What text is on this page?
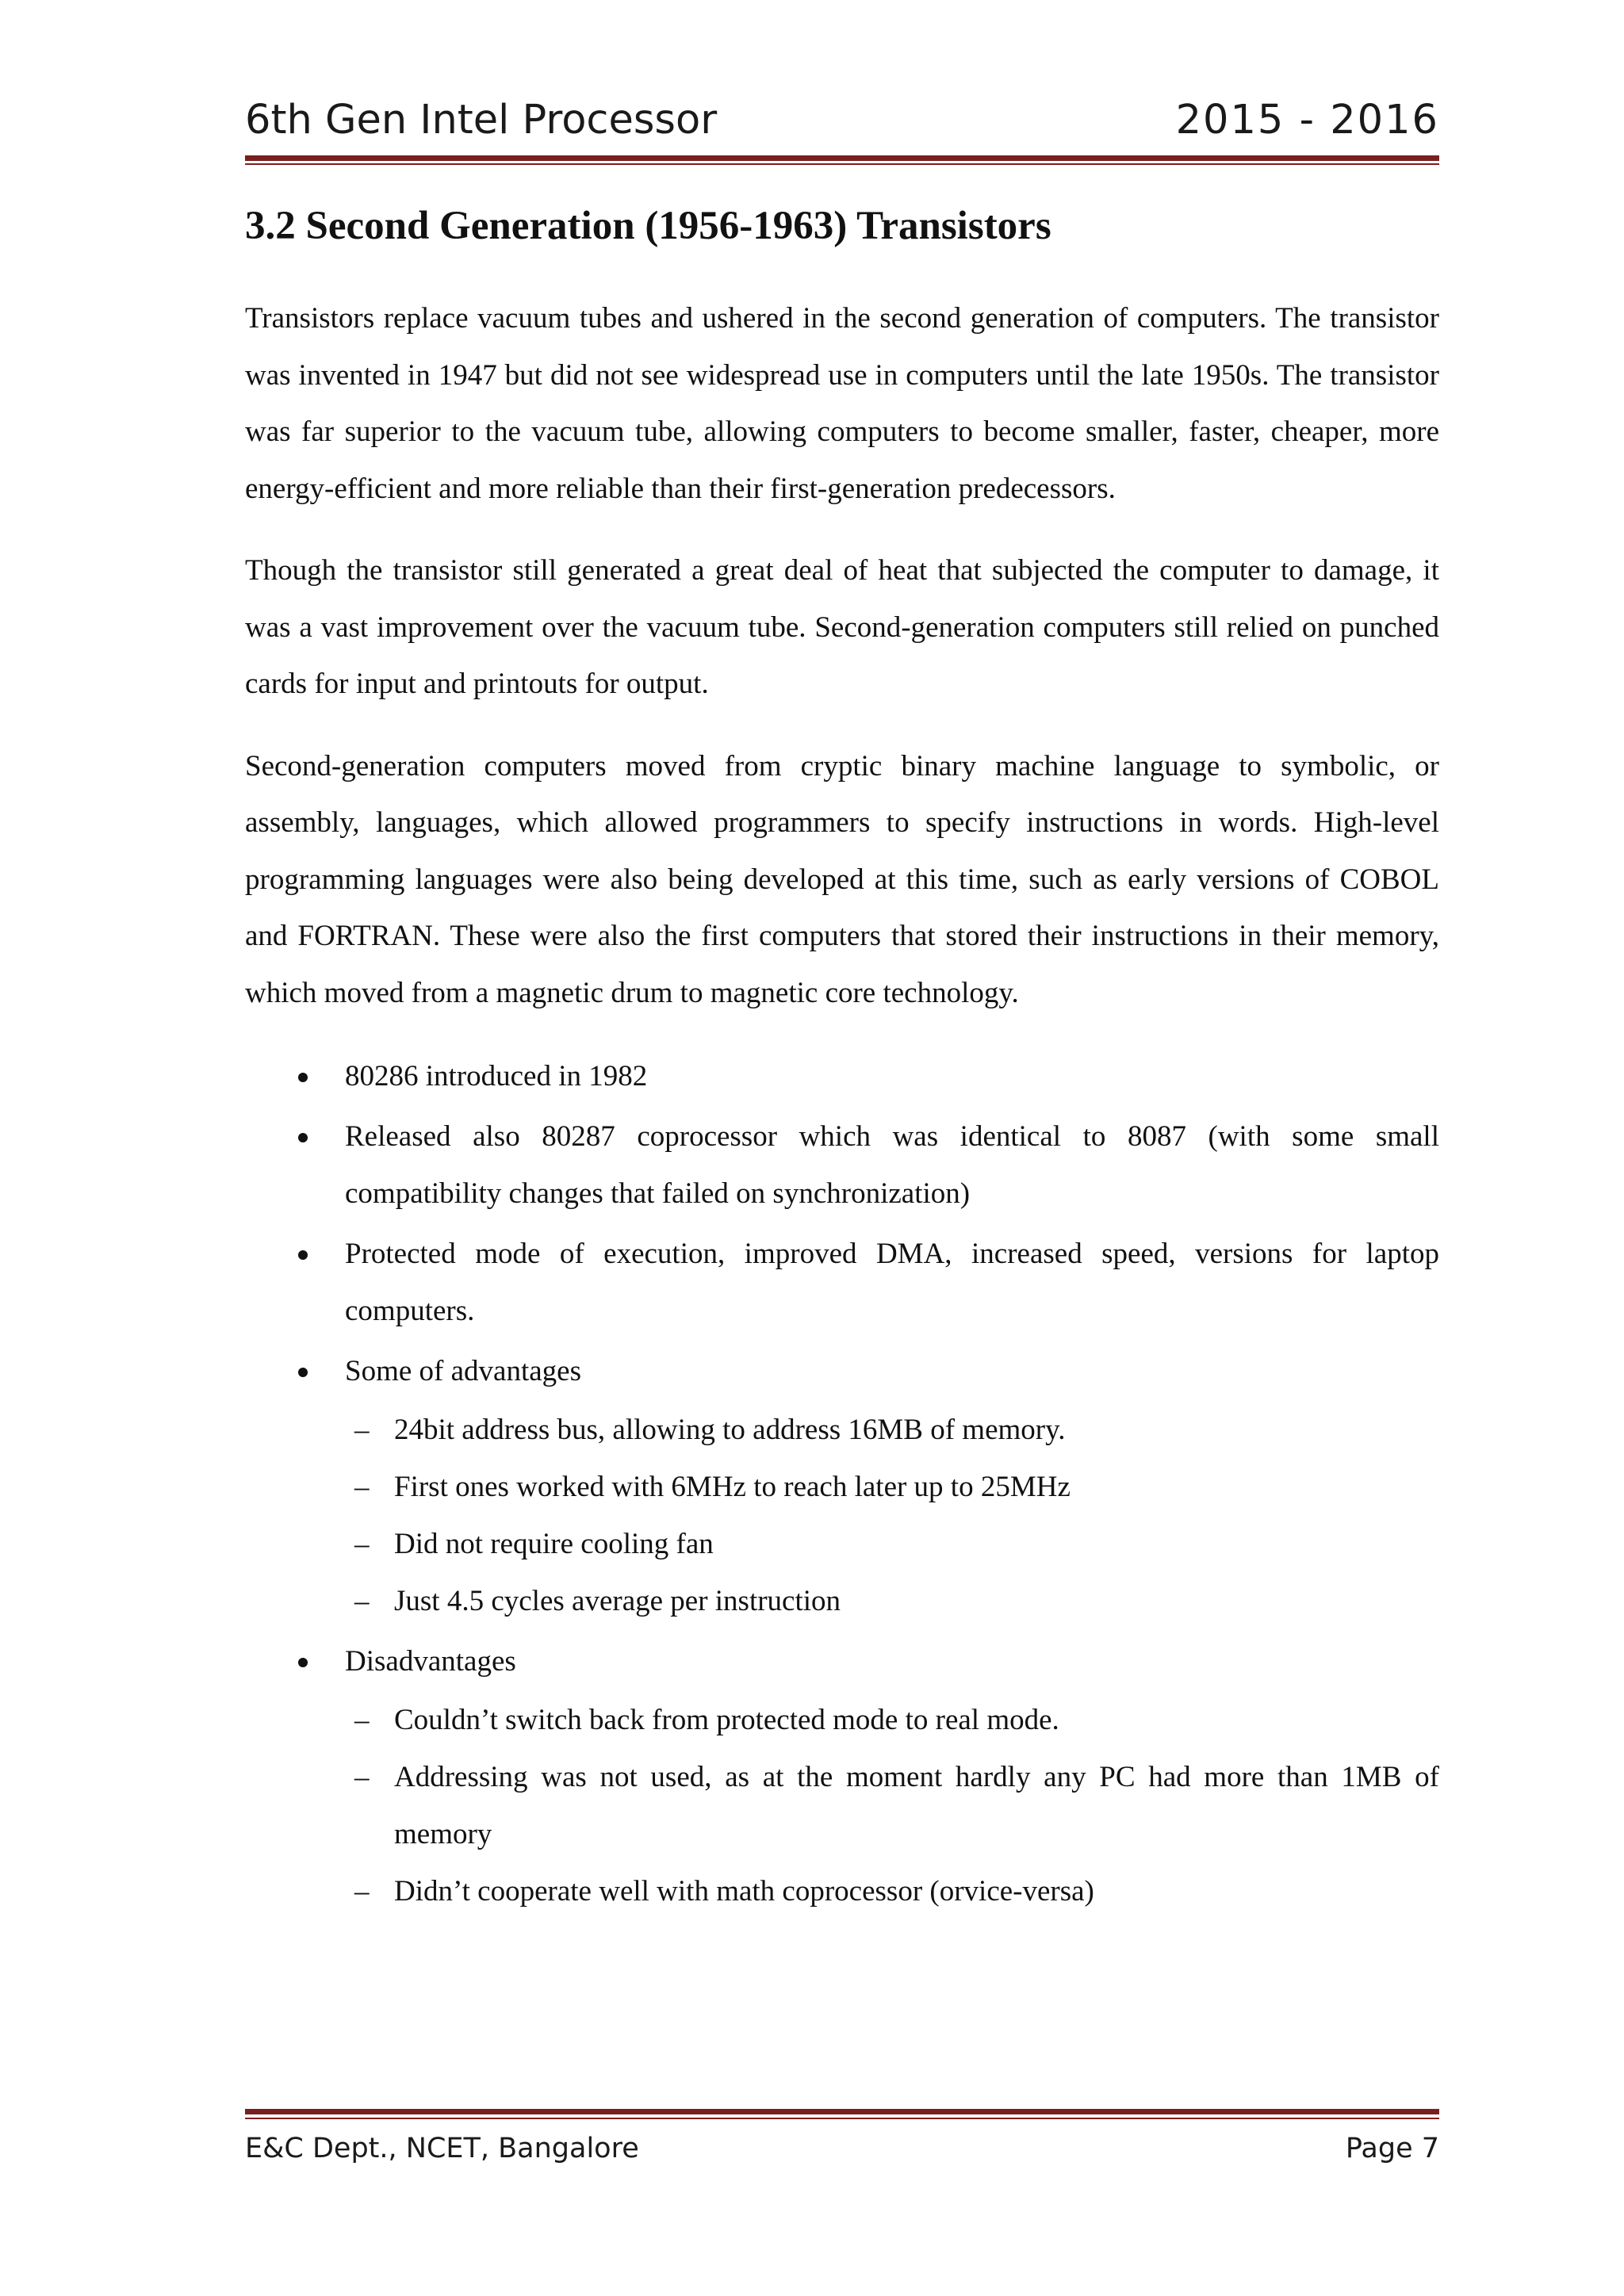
6th Gen Intel Processor	2015 - 2016
3.2 Second Generation (1956-1963) Transistors

Transistors replace vacuum tubes and ushered in the second generation of computers. The transistor was invented in 1947 but did not see widespread use in computers until the late 1950s. The transistor was far superior to the vacuum tube, allowing computers to become smaller, faster, cheaper, more energy-efficient and more reliable than their first-generation predecessors.

Though the transistor still generated a great deal of heat that subjected the computer to damage, it was a vast improvement over the vacuum tube. Second-generation computers still relied on punched cards for input and printouts for output.

Second-generation computers moved from cryptic binary machine language to symbolic, or assembly, languages, which allowed programmers to specify instructions in words. High-level programming languages were also being developed at this time, such as early versions of COBOL and FORTRAN. These were also the first computers that stored their instructions in their memory, which moved from a magnetic drum to magnetic core technology.

80286 introduced in 1982
Released also 80287 coprocessor which was identical to 8087 (with some small compatibility changes that failed on synchronization)
Protected mode of execution, improved DMA, increased speed, versions for laptop computers.
Some of advantages
– 24bit address bus, allowing to address 16MB of memory.
– First ones worked with 6MHz to reach later up to 25MHz
– Did not require cooling fan
– Just 4.5 cycles average per instruction
Disadvantages
– Couldn’t switch back from protected mode to real mode.
– Addressing was not used, as at the moment hardly any PC had more than 1MB of memory
– Didn’t cooperate well with math coprocessor (orvice-versa)
E&C Dept., NCET, Bangalore	Page 7
